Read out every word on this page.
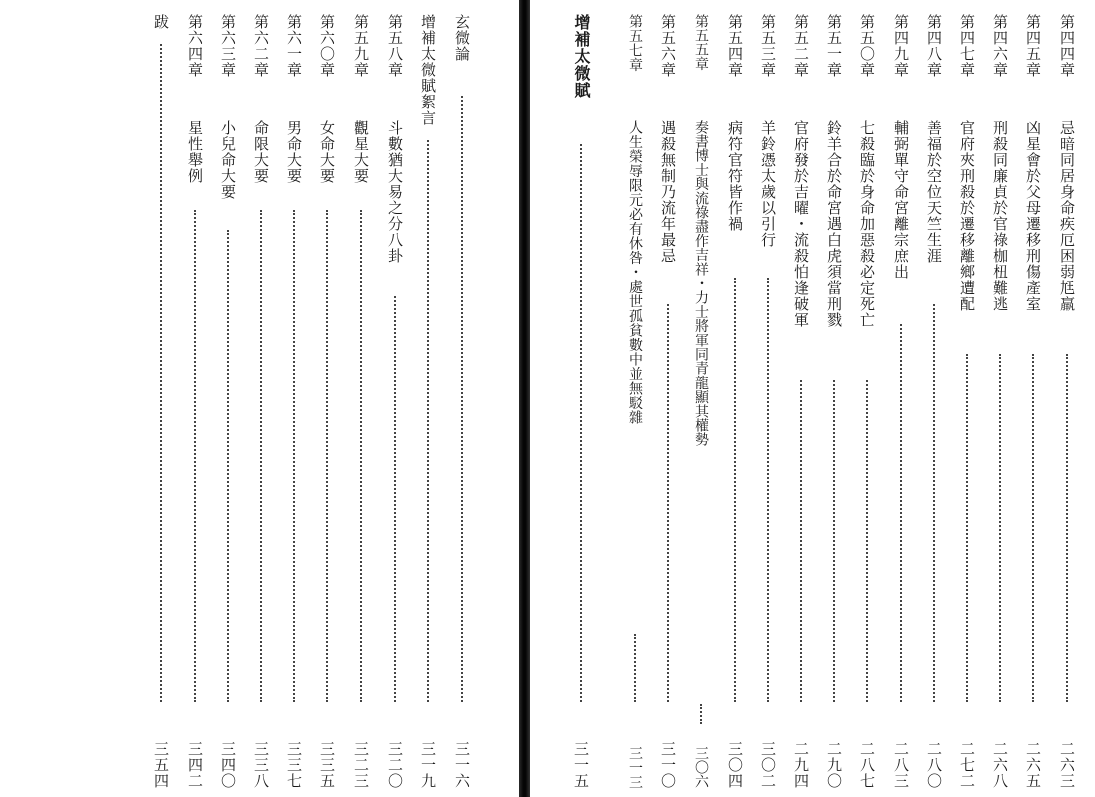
玄微論
三一六
增補太微賦絮言
三一九
第五八章
斗數猶大易之分八卦
三二〇
第五九章
觀星大要
三二三
第六〇章
女命大要
三三五
第六一章
男命大要
三三七
第六二章
命限大要
三三八
第六三章
小兒命大要
三四〇
第六四章
星性舉例
三四二
跋
三五四
第四四章
忌暗同居身命疾厄困弱尪羸
二六三
第四五章
凶星會於父母遷移刑傷產室
二六五
第四六章
刑殺同廉貞於官祿枷杻難逃
二六八
第四七章
官府夾刑殺於遷移離鄉遭配
二七二
第四八章
善福於空位天竺生涯
二八〇
第四九章
輔弼單守命宮離宗庶出
二八三
第五〇章
七殺臨於身命加惡殺必定死亡
二八七
第五一章
鈴羊合於命宮遇白虎須當刑戮
二九〇
第五二章
官府發於吉曜・流殺怕逢破軍
二九四
第五三章
羊鈴憑太歲以引行
三〇二
第五四章
病符官符皆作禍
三〇四
第五五章
奏書博士與流祿盡作吉祥・力士將軍同青龍顯其權勢
三〇六
第五六章
遇殺無制乃流年最忌
三一〇
第五七章
人生榮辱限元必有休咎・處世孤貧數中並無駁雜
三一三
增補太微賦
三一五
